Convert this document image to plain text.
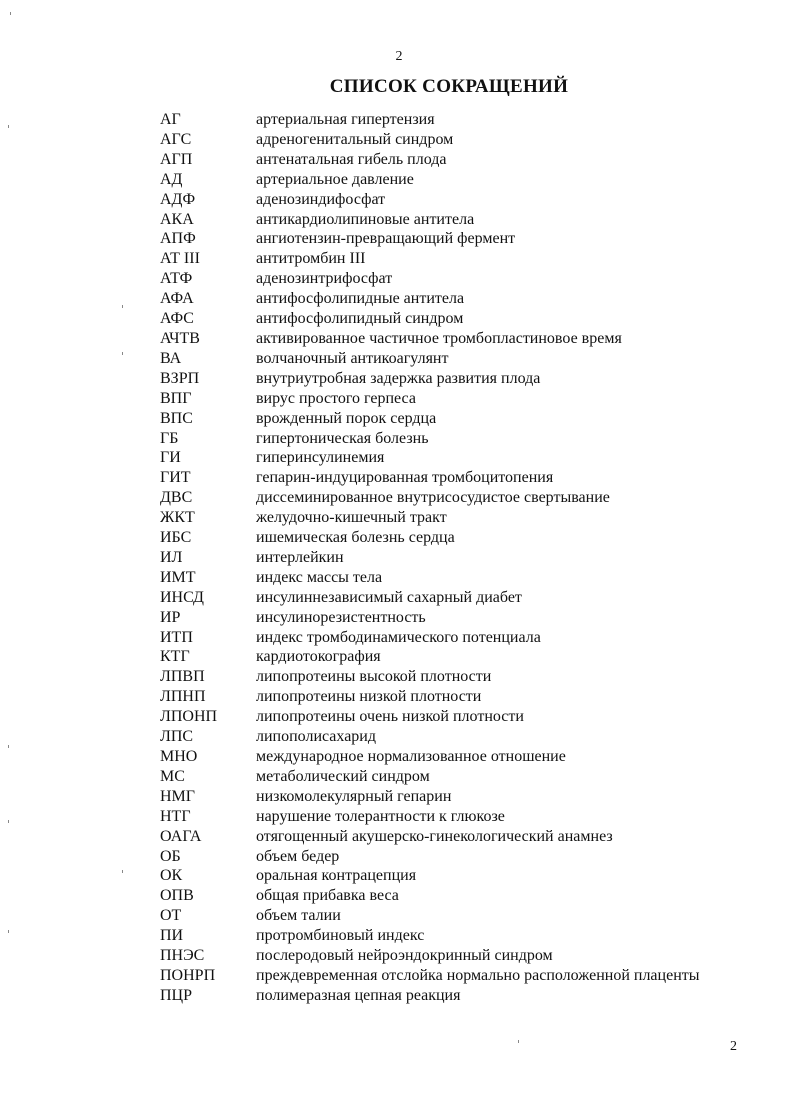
2
СПИСОК СОКРАЩЕНИЙ
АГ	артериальная гипертензия
АГС	адреногенитальный синдром
АГП	антенатальная гибель плода
АД	артериальное давление
АДФ	аденозиндифосфат
АКА	антикардиолипиновые антитела
АПФ	ангиотензин-превращающий фермент
АТ III	антитромбин III
АТФ	аденозинтрифосфат
АФА	антифосфолипидные антитела
АФС	антифосфолипидный синдром
АЧТВ	активированное частичное тромбопластиновое время
ВА	волчаночный антикоагулянт
ВЗРП	внутриутробная задержка развития плода
ВПГ	вирус простого герпеса
ВПС	врожденный порок сердца
ГБ	гипертоническая болезнь
ГИ	гиперинсулинемия
ГИТ	гепарин-индуцированная тромбоцитопения
ДВС	диссеминированное внутрисосудистое свертывание
ЖКТ	желудочно-кишечный тракт
ИБС	ишемическая болезнь сердца
ИЛ	интерлейкин
ИМТ	индекс массы тела
ИНСД	инсулиннезависимый сахарный диабет
ИР	инсулинорезистентность
ИТП	индекс тромбодинамического потенциала
КТГ	кардиотокография
ЛПВП	липопротеины высокой плотности
ЛПНП	липопротеины низкой плотности
ЛПОНП	липопротеины очень низкой плотности
ЛПС	липополисахарид
МНО	международное нормализованное отношение
МС	метаболический синдром
НМГ	низкомолекулярный гепарин
НТГ	нарушение толерантности к глюкозе
ОАГА	отягощенный акушерско-гинекологический анамнез
ОБ	объем бедер
ОК	оральная контрацепция
ОПВ	общая прибавка веса
ОТ	объем талии
ПИ	протромбиновый индекс
ПНЭС	послеродовый нейроэндокринный синдром
ПОНРП	преждевременная отслойка нормально расположенной плаценты
ПЦР	полимеразная цепная реакция
2
